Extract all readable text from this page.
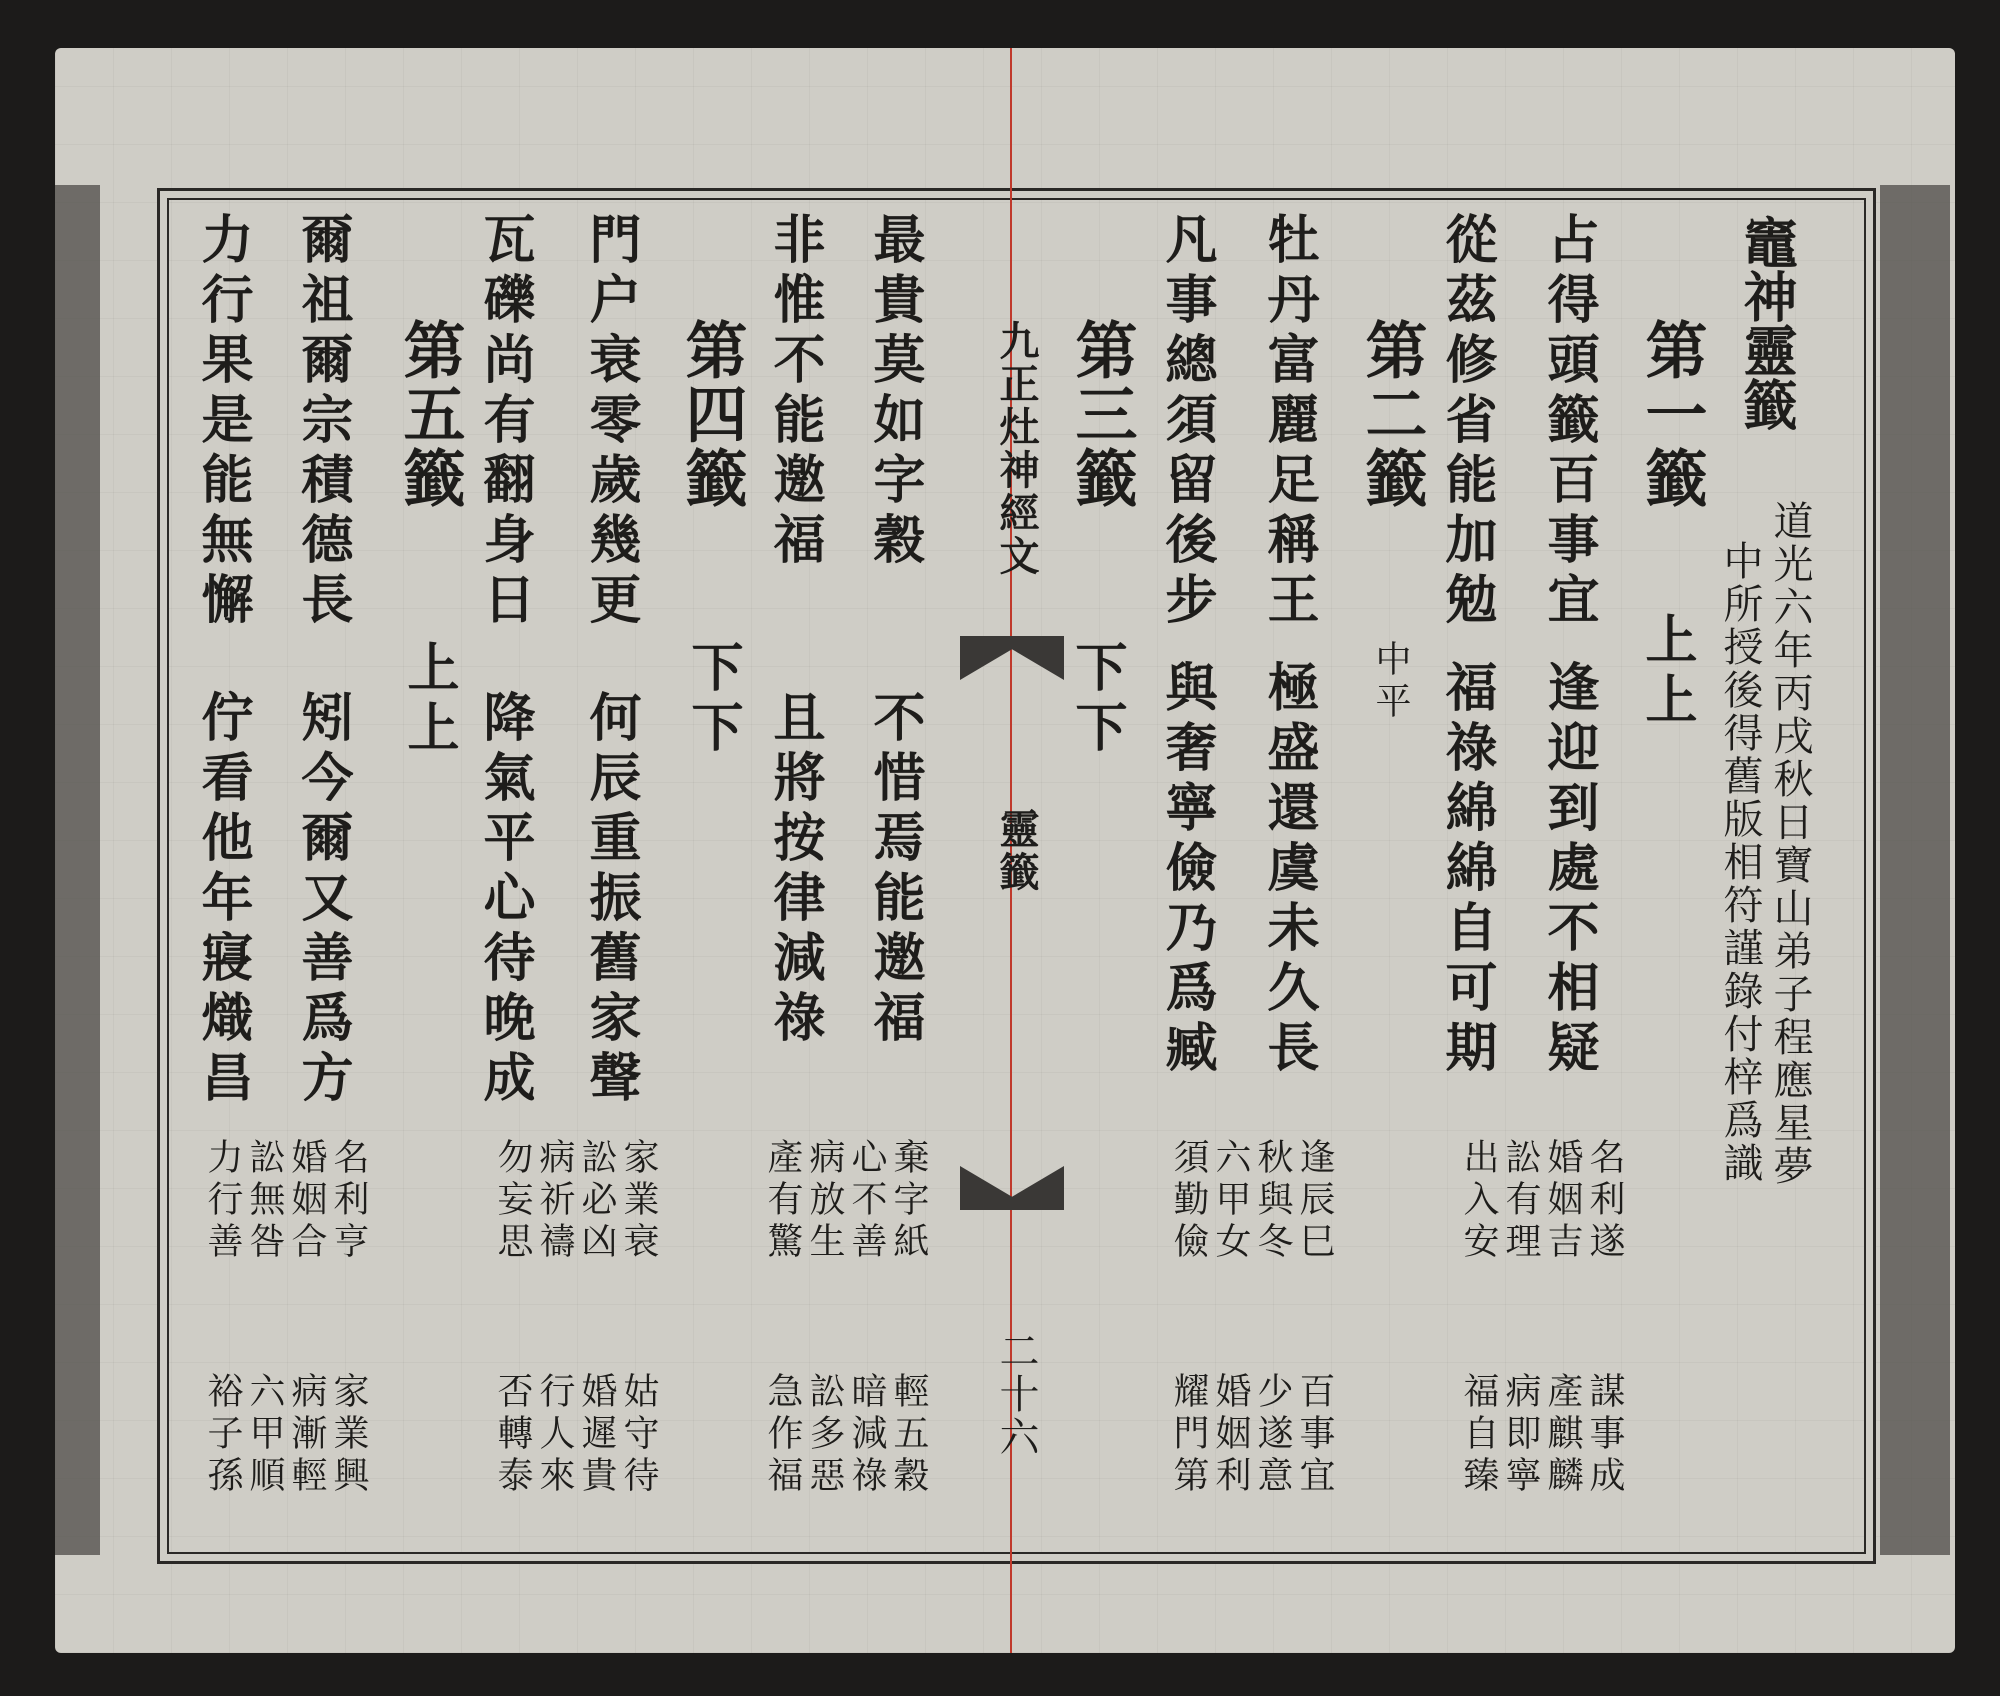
竈神靈籤
道光六年丙戌秋日寶山弟子程應星夢
中所授後得舊版相符謹錄付梓爲識
第一籤
上上
占得頭籤百事宜
逢迎到處不相疑
從茲修省能加勉
福祿綿綿自可期
名利遂
婚姻吉
訟有理
出入安
謀事成
產麒麟
病即寧
福自臻
第二籤
中平
牡丹富麗足稱王
極盛還虞未久長
凡事總須留後步
與奢寧儉乃爲臧
逢辰巳
秋與冬
六甲女
須勤儉
百事宜
少遂意
婚姻利
耀門第
第三籤
下下
九正灶神經文
靈籤
二十六
最貴莫如字穀
不惜焉能邀福
非惟不能邀福
且將按律減祿
棄字紙
心不善
病放生
產有驚
輕五穀
暗減祿
訟多惡
急作福
第四籤
下下
門户衰零歲幾更
何辰重振舊家聲
瓦礫尚有翻身日
降氣平心待晚成
家業衰
訟必凶
病祈禱
勿妄思
姑守待
婚遲貴
行人來
否轉泰
第五籤
上上
爾祖爾宗積德長
矧今爾又善爲方
力行果是能無懈
佇看他年寢熾昌
名利亨
婚姻合
訟無咎
力行善
家業興
病漸輕
六甲順
裕子孫
